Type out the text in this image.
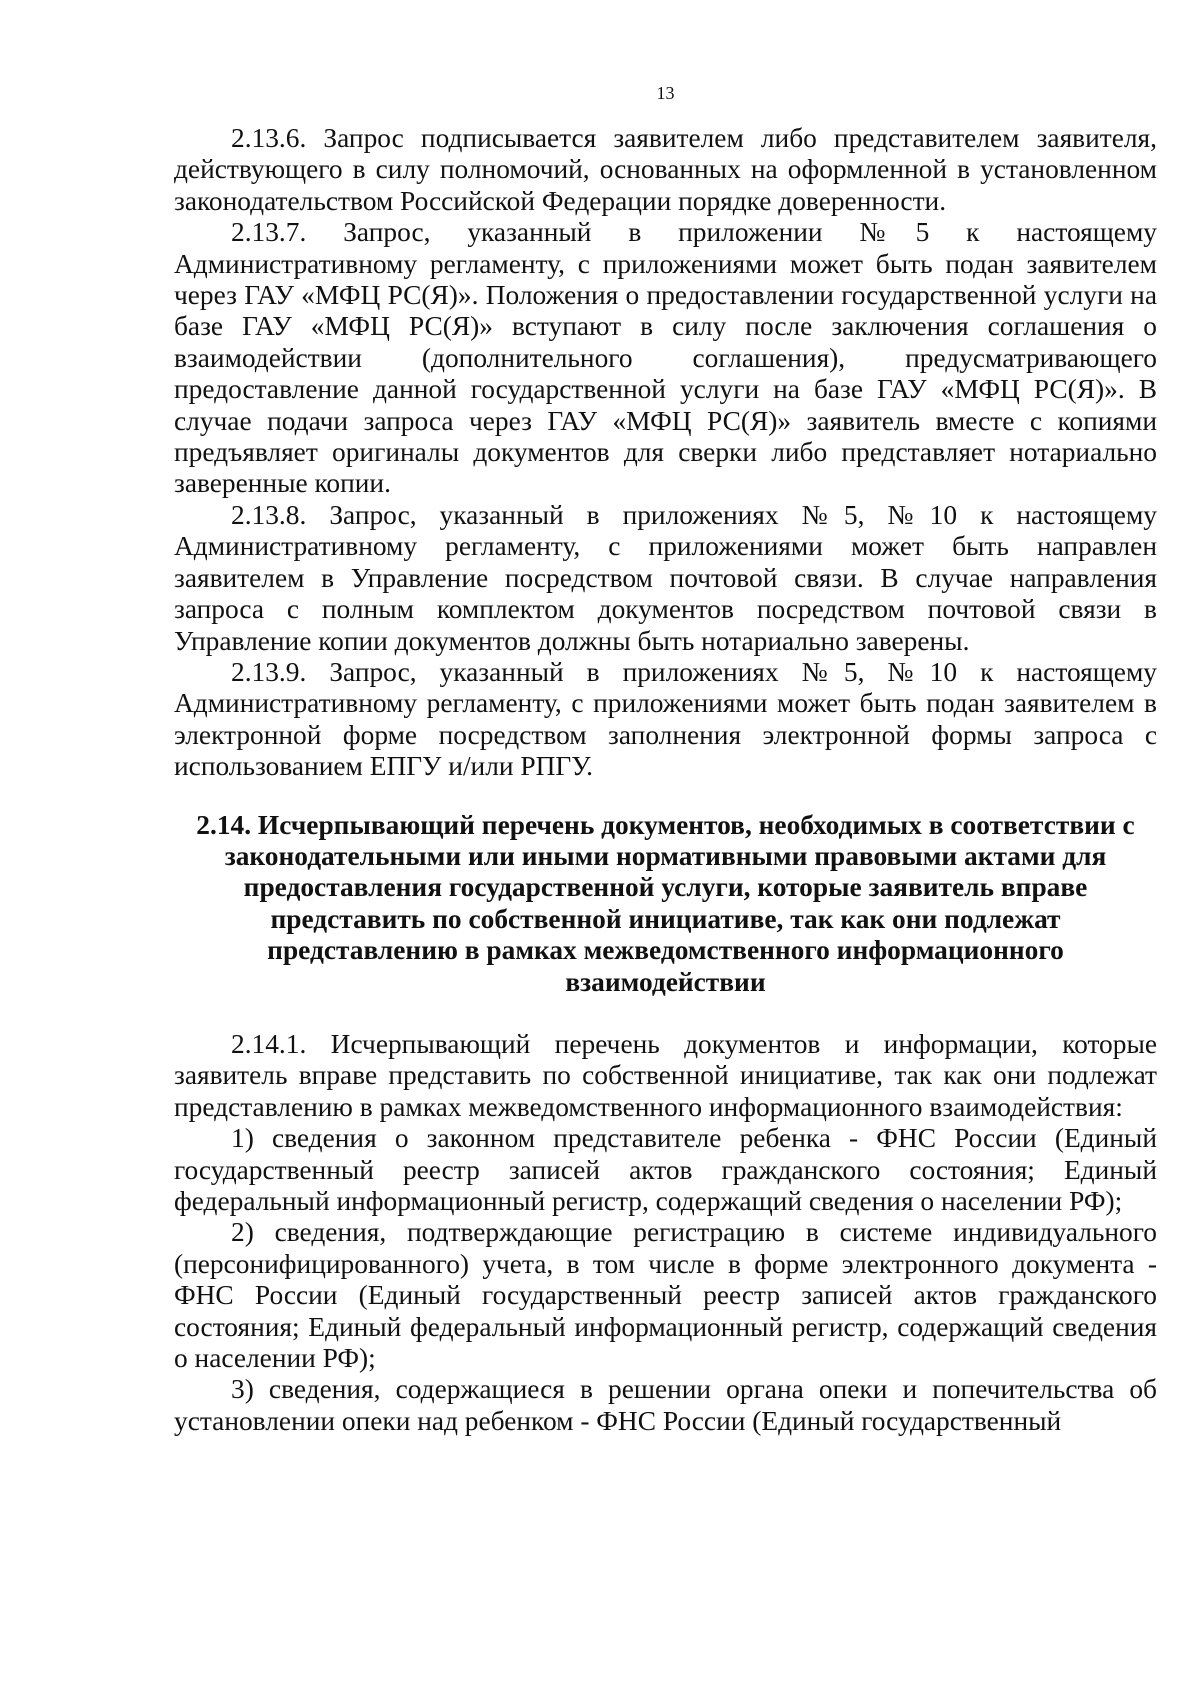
13

2.13.6. Запрос подписывается заявителем либо представителем заявителя, действующего в силу полномочий, основанных на оформленной в установленном законодательством Российской Федерации порядке доверенности.

2.13.7. Запрос, указанный в приложении №5 к настоящему Административному регламенту, с приложениями может быть подан заявителем через ГАУ «МФЦ РС(Я)». Положения о предоставлении государственной услуги на базе ГАУ «МФЦ РС(Я)» вступают в силу после заключения соглашения о взаимодействии (дополнительного соглашения), предусматривающего предоставление данной государственной услуги на базе ГАУ «МФЦ РС(Я)». В случае подачи запроса через ГАУ «МФЦ РС(Я)» заявитель вместе с копиями предъявляет оригиналы документов для сверки либо представляет нотариально заверенные копии.

2.13.8. Запрос, указанный в приложениях №5, №10 к настоящему Административному регламенту, с приложениями может быть направлен заявителем в Управление посредством почтовой связи. В случае направления запроса с полным комплектом документов посредством почтовой связи в Управление копии документов должны быть нотариально заверены.

2.13.9. Запрос, указанный в приложениях №5, №10 к настоящему Административному регламенту, с приложениями может быть подан заявителем в электронной форме посредством заполнения электронной формы запроса с использованием ЕПГУ и/или РПГУ.

2.14. Исчерпывающий перечень документов, необходимых в соответствии с законодательными или иными нормативными правовыми актами для предоставления государственной услуги, которые заявитель вправе представить по собственной инициативе, так как они подлежат представлению в рамках межведомственного информационного взаимодействии

2.14.1. Исчерпывающий перечень документов и информации, которые заявитель вправе представить по собственной инициативе, так как они подлежат представлению в рамках межведомственного информационного взаимодействия:

1) сведения о законном представителе ребенка - ФНС России (Единый государственный реестр записей актов гражданского состояния; Единый федеральный информационный регистр, содержащий сведения о населении РФ);

2) сведения, подтверждающие регистрацию в системе индивидуального (персонифицированного) учета, в том числе в форме электронного документа - ФНС России (Единый государственный реестр записей актов гражданского состояния; Единый федеральный информационный регистр, содержащий сведения о населении РФ);

3) сведения, содержащиеся в решении органа опеки и попечительства об установлении опеки над ребенком - ФНС России (Единый государственный
